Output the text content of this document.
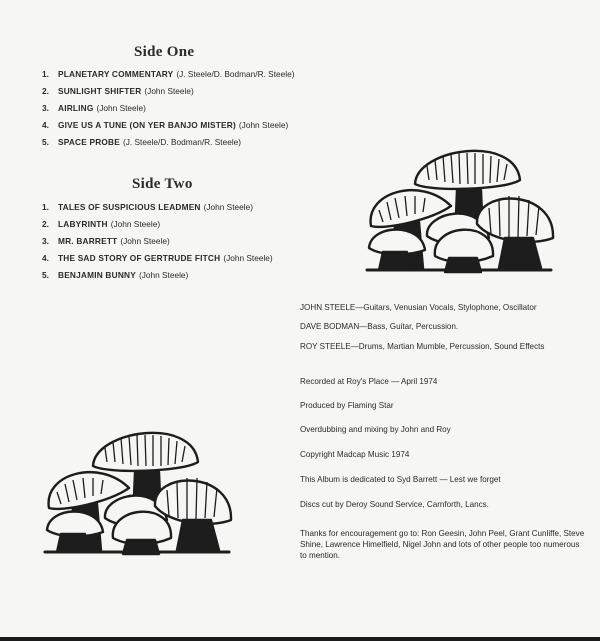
Side One
1. PLANETARY COMMENTARY (J. Steele/D. Bodman/R. Steele)
2. SUNLIGHT SHIFTER (John Steele)
3. AIRLING (John Steele)
4. GIVE US A TUNE (ON YER BANJO MISTER) (John Steele)
5. SPACE PROBE (J. Steele/D. Bodman/R. Steele)
Side Two
1. TALES OF SUSPICIOUS LEADMEN (John Steele)
2. LABYRINTH (John Steele)
3. MR. BARRETT (John Steele)
4. THE SAD STORY OF GERTRUDE FITCH (John Steele)
5. BENJAMIN BUNNY (John Steele)
JOHN STEELE—Guitars, Venusian Vocals, Stylophone, Oscillator
DAVE BODMAN—Bass, Guitar, Percussion.
ROY STEELE—Drums, Martian Mumble, Percussion, Sound Effects
Recorded at Roy's Place — April 1974
Produced by Flaming Star
Overdubbing and mixing by John and Roy
Copyright Madcap Music 1974
This Album is dedicated to Syd Barrett — Lest we forget
Discs cut by Deroy Sound Service, Carnforth, Lancs.
Thanks for encouragement go to: Ron Geesin, John Peel, Grant Cunliffe, Steve Shine, Lawrence Himelfield, Nigel John and lots of other people too numerous to mention.
